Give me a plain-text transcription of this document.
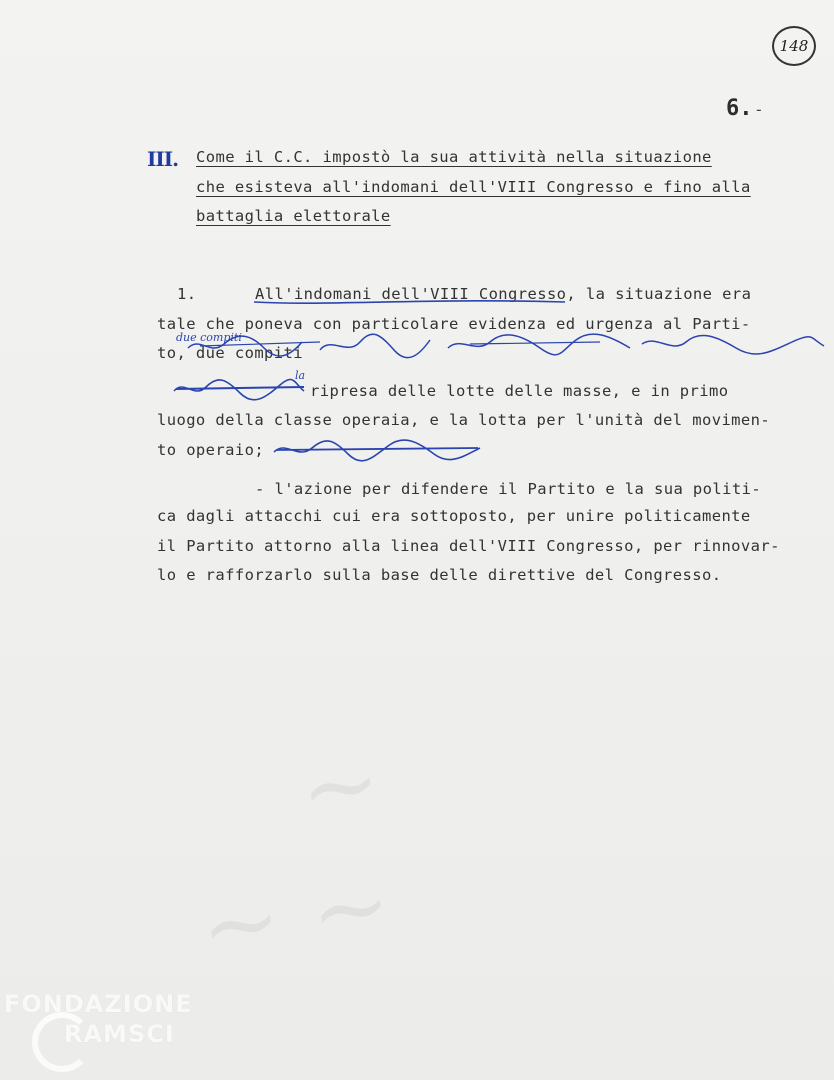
148
6. -
III. Come il C.C. impostò la sua attività nella situazione
che esisteva all'indomani dell'VIII Congresso e fino alla
battaglia elettorale
1.	All'indomani dell'VIII Congresso, la situazione era
tale che poneva con particolare evidenza ed urgenza al Parti-
to, due compiti
due compiti
la
ripresa delle lotte delle masse, e in primo
luogo della classe operaia, e la lotta per l'unità del movimen-
to operaio;
- l'azione per difendere il Partito e la sua politi-
ca dagli attacchi cui era sottoposto, per unire politicamente
il Partito attorno alla linea dell'VIII Congresso, per rinnovar-
lo e rafforzarlo sulla base delle direttive del Congresso.
~
~ ~
FONDAZIONE
RAMSCI
